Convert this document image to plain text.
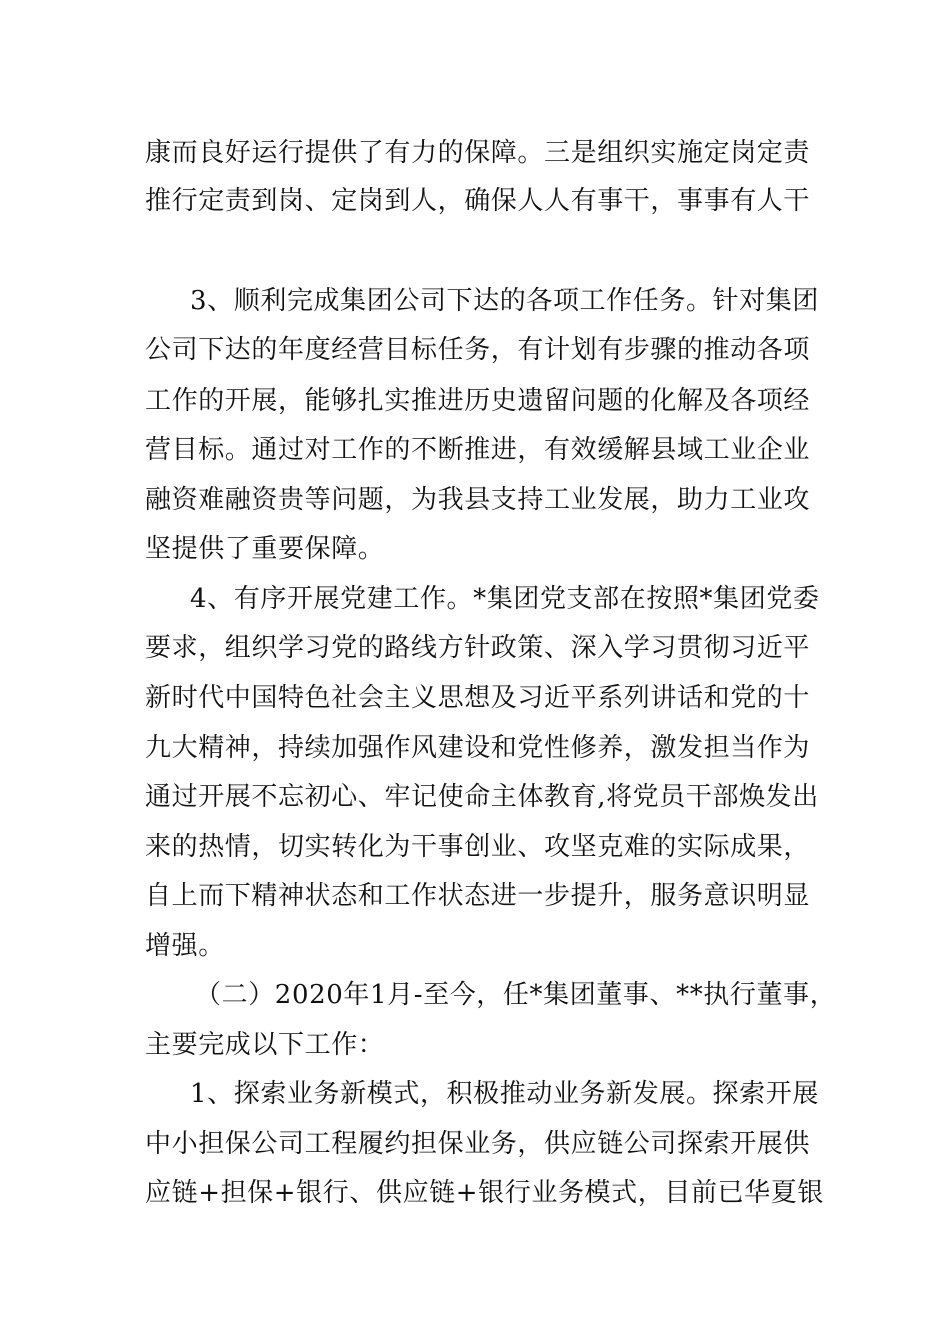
康而良好运行提供了有力的保障。三是组织实施定岗定责
推行定责到岗、定岗到人，确保人人有事干，事事有人干
3、顺利完成集团公司下达的各项工作任务。针对集团
公司下达的年度经营目标任务，有计划有步骤的推动各项
工作的开展，能够扎实推进历史遗留问题的化解及各项经
营目标。通过对工作的不断推进，有效缓解县域工业企业
融资难融资贵等问题，为我县支持工业发展，助力工业攻
坚提供了重要保障。
4、有序开展党建工作。*集团党支部在按照*集团党委
要求，组织学习党的路线方针政策、深入学习贯彻习近平
新时代中国特色社会主义思想及习近平系列讲话和党的十
九大精神，持续加强作风建设和党性修养，激发担当作为
通过开展不忘初心、牢记使命主体教育,将党员干部焕发出
来的热情，切实转化为干事创业、攻坚克难的实际成果，
自上而下精神状态和工作状态进一步提升，服务意识明显
增强。
（二）2020年1月-至今，任*集团董事、**执行董事，
主要完成以下工作：
1、探索业务新模式，积极推动业务新发展。探索开展
中小担保公司工程履约担保业务，供应链公司探索开展供
应链+担保+银行、供应链+银行业务模式，目前已华夏银
